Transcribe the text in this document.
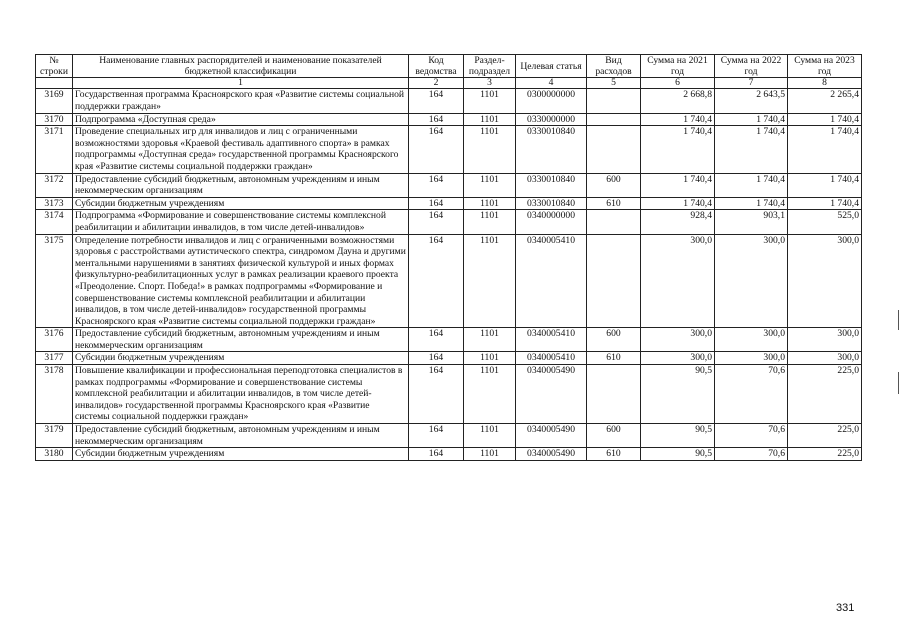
№ строки	Наименование главных распорядителей и наименование показателей бюджетной классификации	Код ведомства	Раздел-подраздел	Целевая статья	Вид расходов	Сумма на 2021 год	Сумма на 2022 год	Сумма на 2023 год
	1	2	3	4	5	6	7	8
3169	Государственная программа Красноярского края «Развитие системы социальной поддержки граждан»	164	1101	0300000000		2 668,8	2 643,5	2 265,4
3170	Подпрограмма «Доступная среда»	164	1101	0330000000		1 740,4	1 740,4	1 740,4
3171	Проведение специальных игр для инвалидов и лиц с ограниченными возможностями здоровья «Краевой фестиваль адаптивного спорта» в рамках подпрограммы «Доступная среда» государственной программы Красноярского края «Развитие системы социальной поддержки граждан»	164	1101	0330010840		1 740,4	1 740,4	1 740,4
3172	Предоставление субсидий бюджетным, автономным учреждениям и иным некоммерческим организациям	164	1101	0330010840	600	1 740,4	1 740,4	1 740,4
3173	Субсидии бюджетным учреждениям	164	1101	0330010840	610	1 740,4	1 740,4	1 740,4
3174	Подпрограмма «Формирование и совершенствование системы комплексной реабилитации и абилитации инвалидов, в том числе детей-инвалидов»	164	1101	0340000000		928,4	903,1	525,0
3175	Определение потребности инвалидов и лиц с ограниченными возможностями здоровья с расстройствами аутистического спектра, синдромом Дауна и другими ментальными нарушениями в занятиях физической культурой и иных формах физкультурно-реабилитационных услуг в рамках реализации краевого проекта «Преодоление. Спорт. Победа!» в рамках подпрограммы «Формирование и совершенствование системы комплексной реабилитации и абилитации инвалидов, в том числе детей-инвалидов» государственной программы Красноярского края «Развитие системы социальной поддержки граждан»	164	1101	0340005410		300,0	300,0	300,0
3176	Предоставление субсидий бюджетным, автономным учреждениям и иным некоммерческим организациям	164	1101	0340005410	600	300,0	300,0	300,0
3177	Субсидии бюджетным учреждениям	164	1101	0340005410	610	300,0	300,0	300,0
3178	Повышение квалификации и профессиональная переподготовка специалистов в рамках подпрограммы «Формирование и совершенствование системы комплексной реабилитации и абилитации инвалидов, в том числе детей-инвалидов» государственной программы Красноярского края «Развитие системы социальной поддержки граждан»	164	1101	0340005490		90,5	70,6	225,0
3179	Предоставление субсидий бюджетным, автономным учреждениям и иным некоммерческим организациям	164	1101	0340005490	600	90,5	70,6	225,0
3180	Субсидии бюджетным учреждениям	164	1101	0340005490	610	90,5	70,6	225,0
331
